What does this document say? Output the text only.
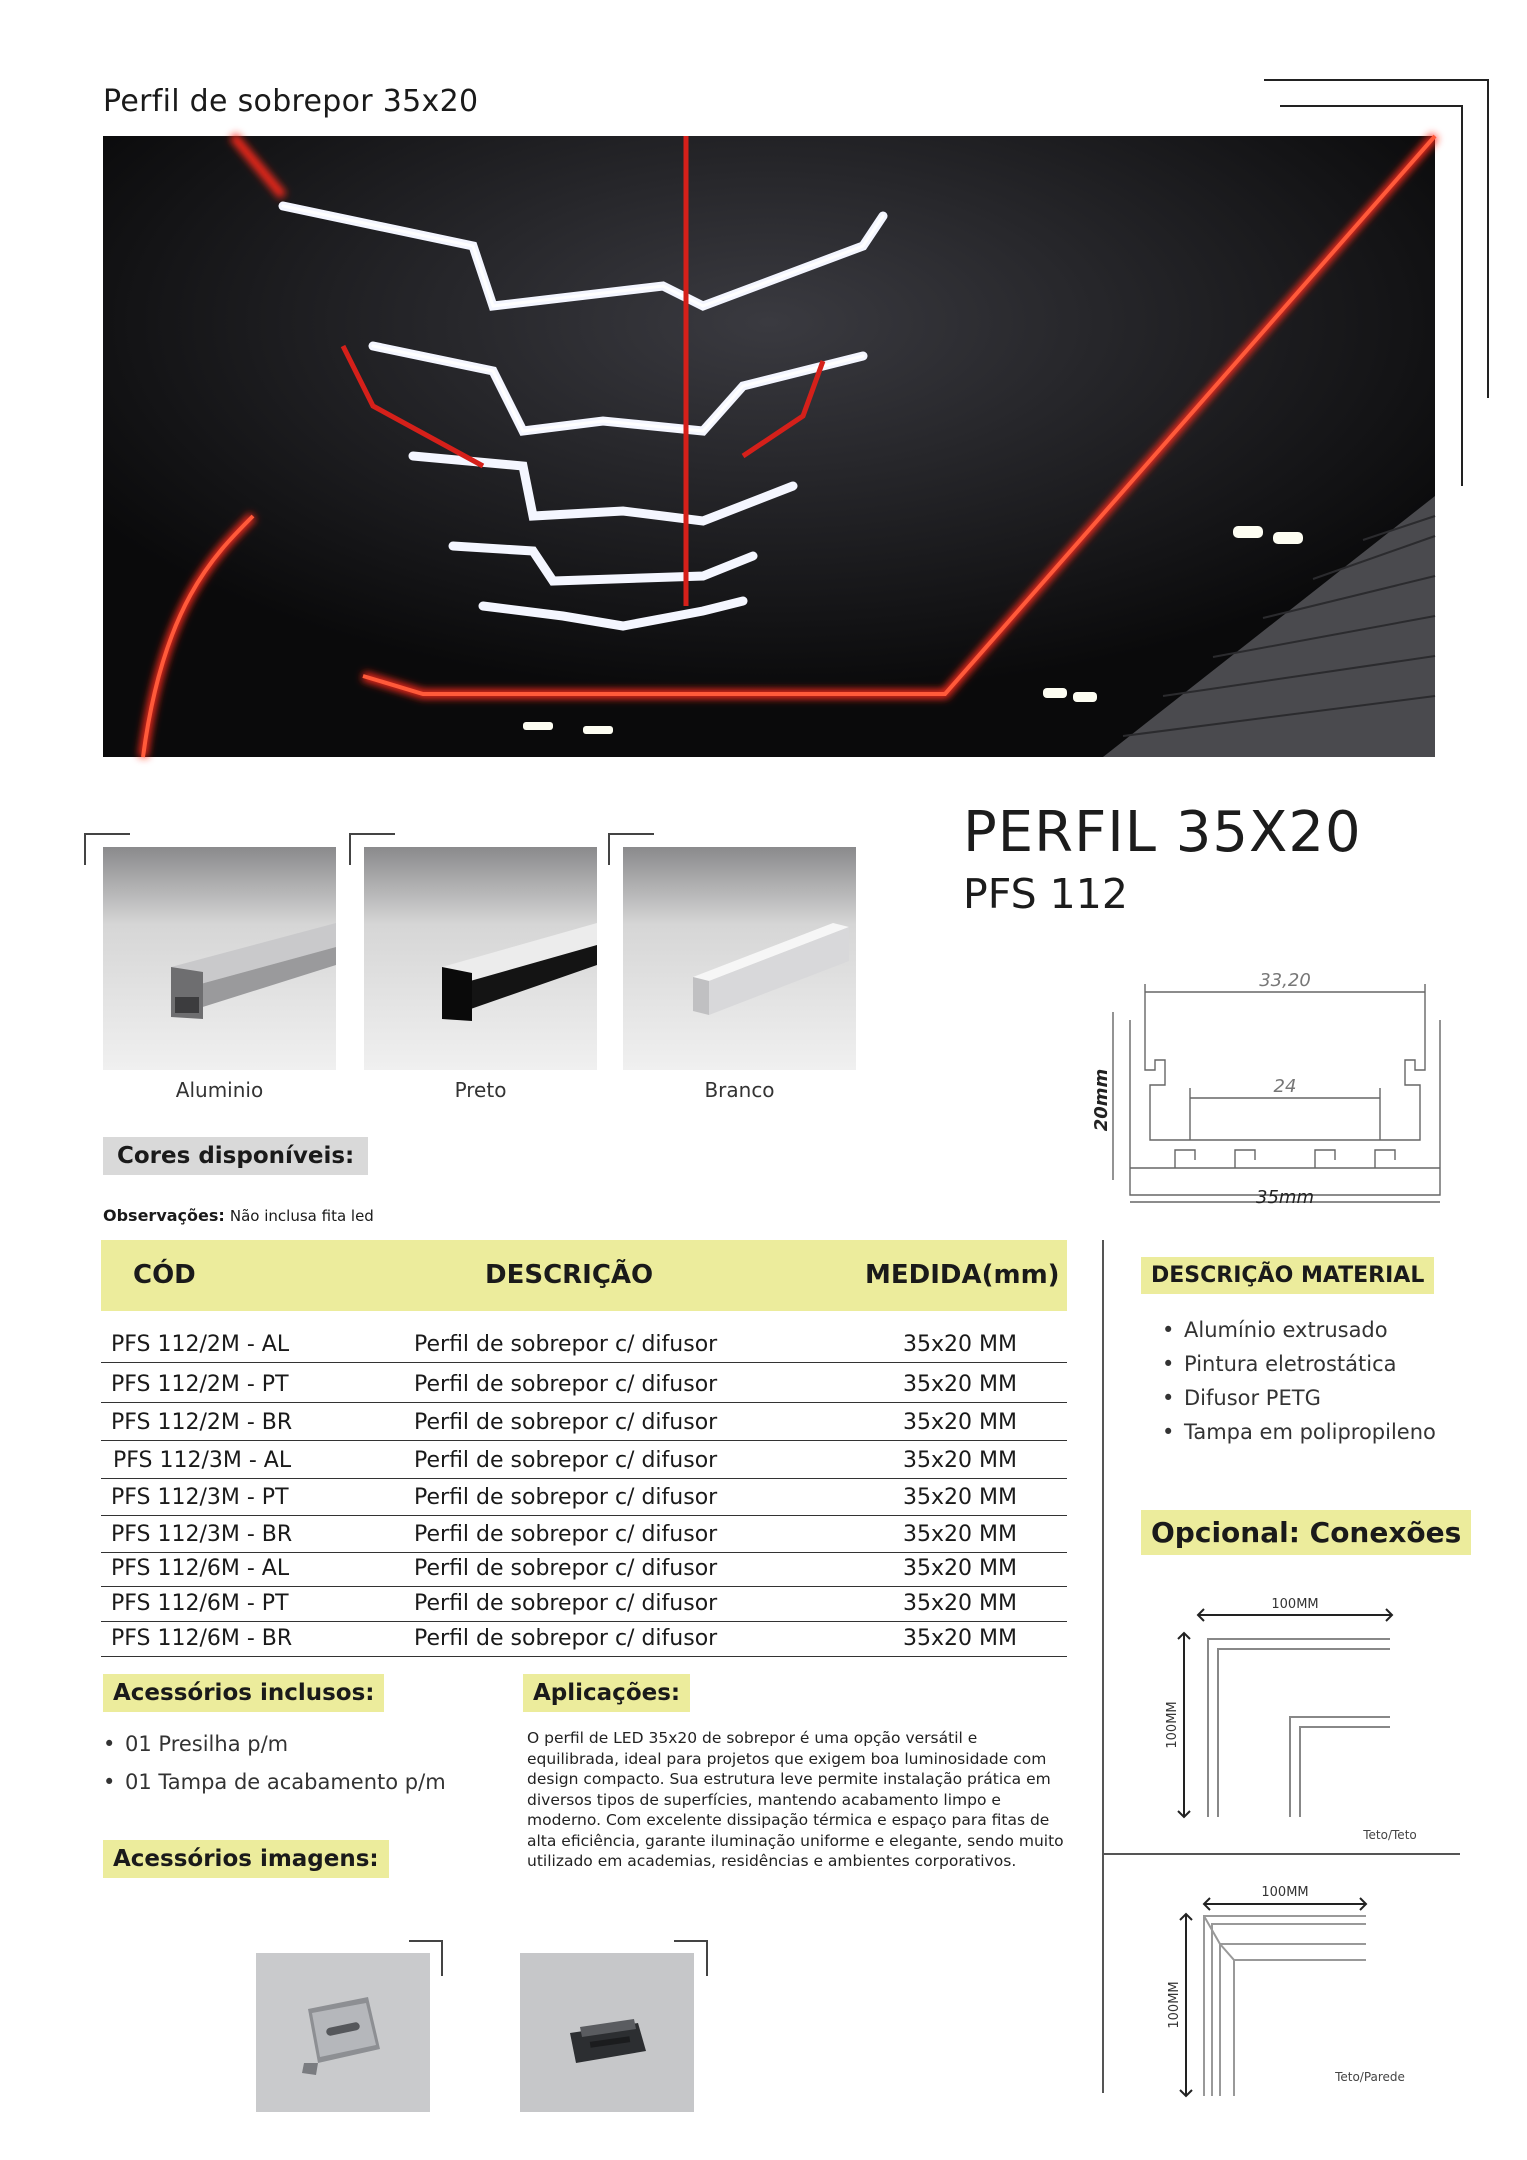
Perfil de sobrepor 35x20
PERFIL 35X20
PFS 112
Aluminio	Preto	Branco
33,20
24
20mm
35mm
Cores disponíveis:
Observações: Não inclusa fita led
CÓD	DESCRIÇÃO	MEDIDA(mm)
PFS 112/2M - AL	Perfil de sobrepor c/ difusor	35x20 MM
PFS 112/2M - PT	Perfil de sobrepor c/ difusor	35x20 MM
PFS 112/2M - BR	Perfil de sobrepor c/ difusor	35x20 MM
PFS 112/3M - AL	Perfil de sobrepor c/ difusor	35x20 MM
PFS 112/3M - PT	Perfil de sobrepor c/ difusor	35x20 MM
PFS 112/3M - BR	Perfil de sobrepor c/ difusor	35x20 MM
PFS 112/6M - AL	Perfil de sobrepor c/ difusor	35x20 MM
PFS 112/6M - PT	Perfil de sobrepor c/ difusor	35x20 MM
PFS 112/6M - BR	Perfil de sobrepor c/ difusor	35x20 MM
DESCRIÇÃO MATERIAL
• Alumínio extrusado
• Pintura eletrostática
• Difusor PETG
• Tampa em polipropileno
Opcional: Conexões
100MM
100MM
Teto/Teto
100MM
100MM
Teto/Parede
Acessórios inclusos:
• 01 Presilha p/m
• 01 Tampa de acabamento p/m
Aplicações:
O perfil de LED 35x20 de sobrepor é uma opção versátil e equilibrada, ideal para projetos que exigem boa luminosidade com design compacto. Sua estrutura leve permite instalação prática em diversos tipos de superfícies, mantendo acabamento limpo e moderno. Com excelente dissipação térmica e espaço para fitas de alta eficiência, garante iluminação uniforme e elegante, sendo muito utilizado em academias, residências e ambientes corporativos.
Acessórios imagens:
